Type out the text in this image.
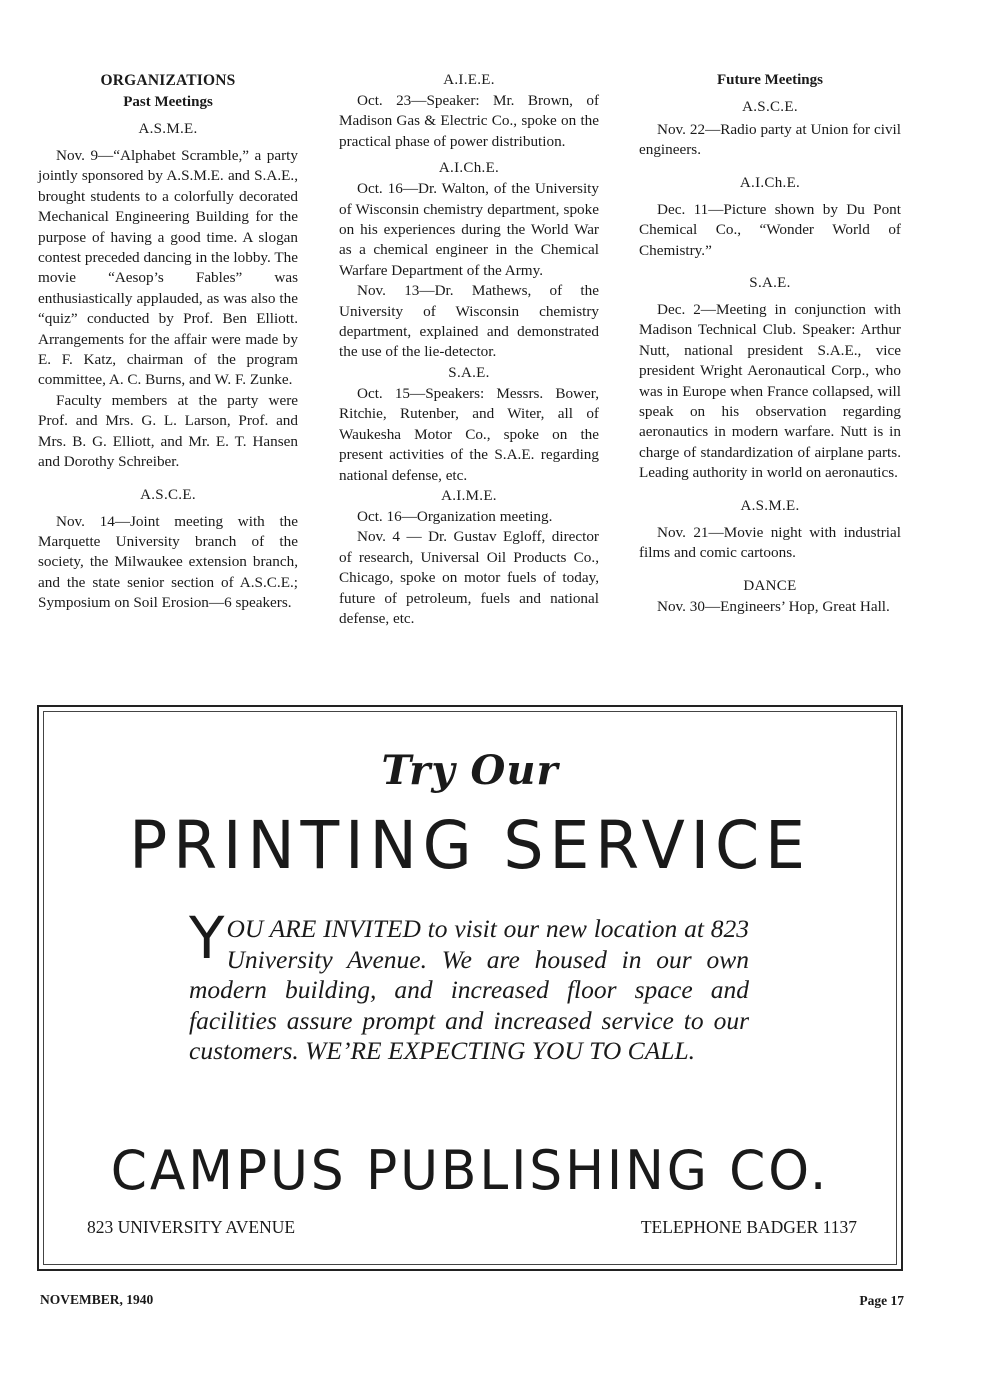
ORGANIZATIONS
Past Meetings
A.S.M.E.

Nov. 9—“Alphabet Scramble,” a party jointly sponsored by A.S.M.E. and S.A.E., brought students to a colorfully decorated Mechanical Engineering Building for the purpose of having a good time. A slogan contest preceded dancing in the lobby. The movie “Aesop’s Fables” was enthusiastically applauded, as was also the “quiz” conducted by Prof. Ben Elliott. Arrangements for the affair were made by E. F. Katz, chairman of the program committee, A. C. Burns, and W. F. Zunke.

Faculty members at the party were Prof. and Mrs. G. L. Larson, Prof. and Mrs. B. G. Elliott, and Mr. E. T. Hansen and Dorothy Schreiber.

A.S.C.E.

Nov. 14—Joint meeting with the Marquette University branch of the society, the Milwaukee extension branch, and the state senior section of A.S.C.E.; Symposium on Soil Erosion—6 speakers.

A.I.E.E.

Oct. 23—Speaker: Mr. Brown, of Madison Gas & Electric Co., spoke on the practical phase of power distribution.

A.I.Ch.E.

Oct. 16—Dr. Walton, of the University of Wisconsin chemistry department, spoke on his experiences during the World War as a chemical engineer in the Chemical Warfare Department of the Army.

Nov. 13—Dr. Mathews, of the University of Wisconsin chemistry department, explained and demonstrated the use of the lie-detector.

S.A.E.

Oct. 15—Speakers: Messrs. Bower, Ritchie, Rutenber, and Witer, all of Waukesha Motor Co., spoke on the present activities of the S.A.E. regarding national defense, etc.

A.I.M.E.

Oct. 16—Organization meeting.

Nov. 4 — Dr. Gustav Egloff, director of research, Universal Oil Products Co., Chicago, spoke on motor fuels of today, future of petroleum, fuels and national defense, etc.

Future Meetings
A.S.C.E.

Nov. 22—Radio party at Union for civil engineers.

A.I.Ch.E.

Dec. 11—Picture shown by Du Pont Chemical Co., “Wonder World of Chemistry.”

S.A.E.

Dec. 2—Meeting in conjunction with Madison Technical Club. Speaker: Arthur Nutt, national president S.A.E., vice president Wright Aeronautical Corp., who was in Europe when France collapsed, will speak on his observation regarding aeronautics in modern warfare. Nutt is in charge of standardization of airplane parts. Leading authority in world on aeronautics.

A.S.M.E.

Nov. 21—Movie night with industrial films and comic cartoons.

DANCE

Nov. 30—Engineers’ Hop, Great Hall.

Try Our
PRINTING SERVICE
YOU ARE INVITED to visit our new location at 823 University Avenue. We are housed in our own modern building, and increased floor space and facilities assure prompt and increased service to our customers. WE’RE EXPECTING YOU TO CALL.
CAMPUS PUBLISHING CO.
823 UNIVERSITY AVENUE	TELEPHONE BADGER 1137
NOVEMBER, 1940	Page 17
